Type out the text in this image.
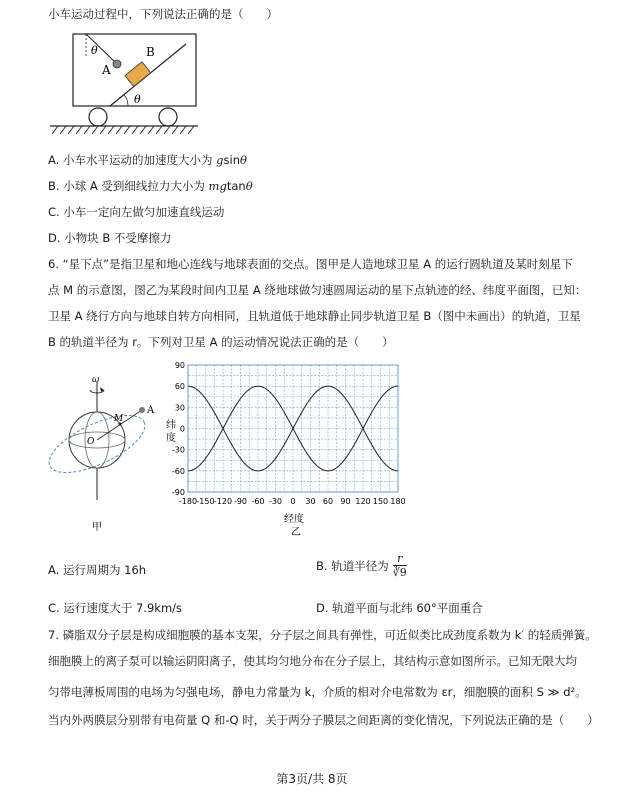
小车运动过程中，下列说法正确的是（　　）
θ
A
B
θ
A. 小车水平运动的加速度大小为 gsinθ
B. 小球 A 受到细线拉力大小为 mgtanθ
C. 小车一定向左做匀加速直线运动
D. 小物块 B 不受摩擦力
6. “星下点”是指卫星和地心连线与地球表面的交点。图甲是人造地球卫星 A 的运行圆轨道及某时刻星下
点 M 的示意图，图乙为某段时间内卫星 A 绕地球做匀速圆周运动的星下点轨迹的经、纬度平面图，已知：
卫星 A 绕行方向与地球自转方向相同，且轨道低于地球静止同步轨道卫星 B（图中未画出）的轨道，卫星
B 的轨道半径为 r。下列对卫星 A 的运动情况说法正确的是（　　）
ω
A
M
O
甲
90
60
30
0
-30
-60
-90
-180 -150 -120 -90 -60 -30 0 30 60 90 120 150 180
纬
度
经度
乙
A. 运行周期为 16h	B. 轨道半径为 $\frac{r}{∛9}$
C. 运行速度大于 7.9km/s	D. 轨道平面与北纬 60°平面重合
7. 磷脂双分子层是构成细胞膜的基本支架，分子层之间具有弹性，可近似类比成劲度系数为 k′ 的轻质弹簧。
细胞膜上的离子泵可以输运阴阳离子，使其均匀地分布在分子层上，其结构示意如图所示。已知无限大均
匀带电薄板周围的电场为匀强电场，静电力常量为 k，介质的相对介电常数为 εr，细胞膜的面积 S ≫ d²。
当内外两膜层分别带有电荷量 Q 和-Q 时，关于两分子膜层之间距离的变化情况，下列说法正确的是（　　）
第3页/共 8页
